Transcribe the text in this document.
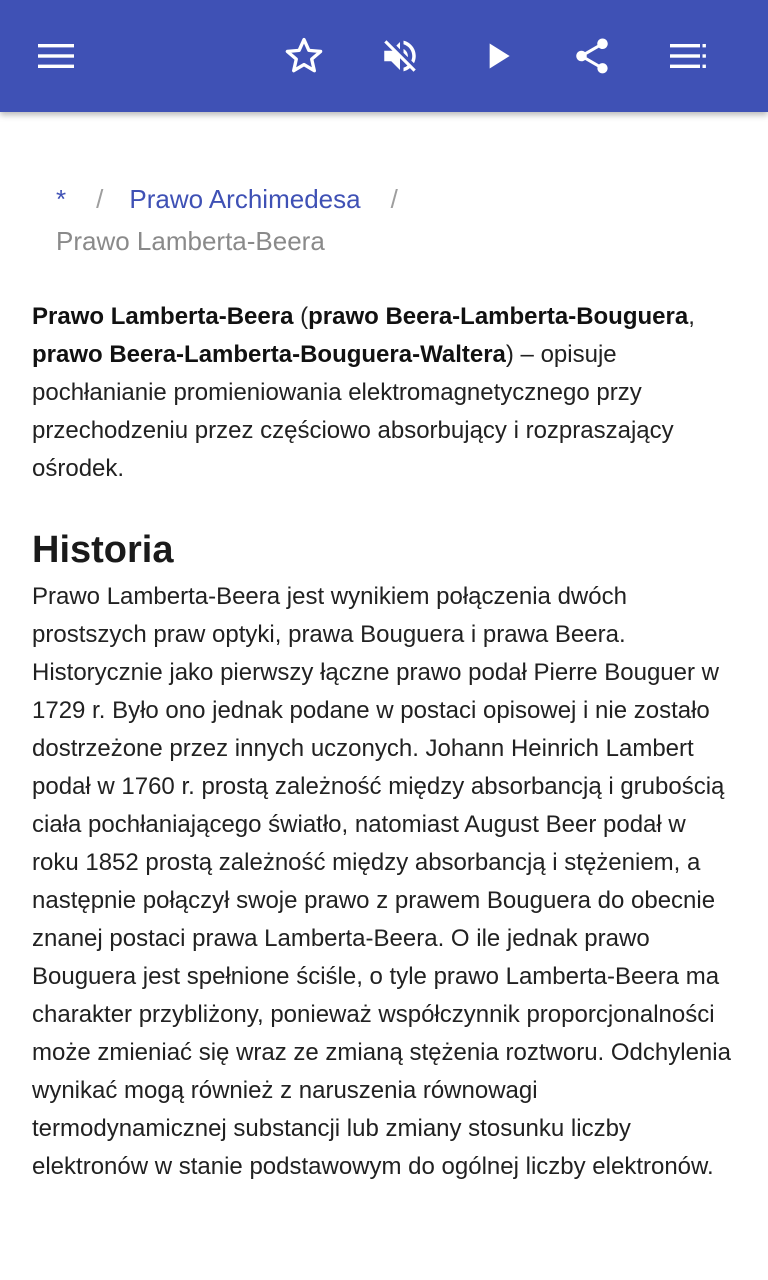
* / Prawo Archimedesa /
Prawo Lamberta-Beera

Prawo Lamberta-Beera (prawo Beera-Lamberta-Bouguera, prawo Beera-Lamberta-Bouguera-Waltera) – opisuje pochłanianie promieniowania elektromagnetycznego przy przechodzeniu przez częściowo absorbujący i rozpraszający ośrodek.

Historia

Prawo Lamberta-Beera jest wynikiem połączenia dwóch prostszych praw optyki, prawa Bouguera i prawa Beera. Historycznie jako pierwszy łączne prawo podał Pierre Bouguer w 1729 r. Było ono jednak podane w postaci opisowej i nie zostało dostrzeżone przez innych uczonych. Johann Heinrich Lambert podał w 1760 r. prostą zależność między absorbancją i grubością ciała pochłaniającego światło, natomiast August Beer podał w roku 1852 prostą zależność między absorbancją i stężeniem, a następnie połączył swoje prawo z prawem Bouguera do obecnie znanej postaci prawa Lamberta-Beera. O ile jednak prawo Bouguera jest spełnione ściśle, o tyle prawo Lamberta-Beera ma charakter przybliżony, ponieważ współczynnik proporcjonalności może zmieniać się wraz ze zmianą stężenia roztworu. Odchylenia wynikać mogą również z naruszenia równowagi termodynamicznej substancji lub zmiany stosunku liczby elektronów w stanie podstawowym do ogólnej liczby elektronów.
